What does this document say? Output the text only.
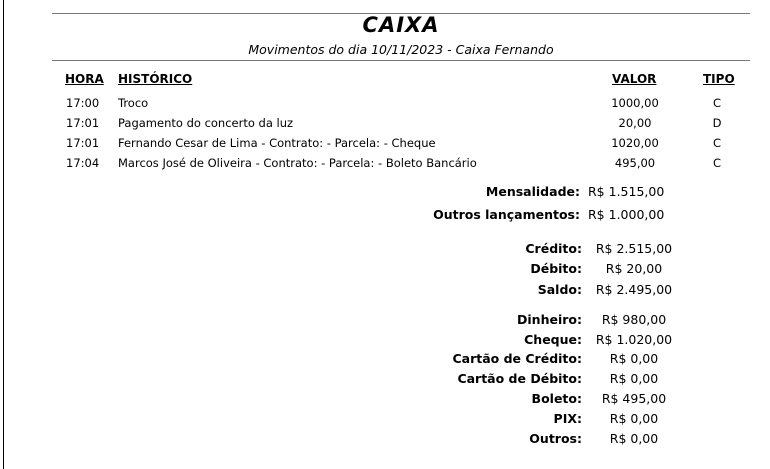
CAIXA
Movimentos do dia 10/11/2023 - Caixa Fernando
HORA HISTÓRICO	VALOR	TIPO
17:00 Troco	1000,00	C
17:01 Pagamento do concerto da luz	20,00	D
17:01 Fernando Cesar de Lima - Contrato: - Parcela: - Cheque	1020,00	C
17:04 Marcos José de Oliveira - Contrato: - Parcela: - Boleto Bancário	495,00	C
Mensalidade: R$ 1.515,00
Outros lançamentos: R$ 1.000,00
Crédito: R$ 2.515,00
Débito:	R$ 20,00
Saldo: R$ 2.495,00
Dinheiro:	R$ 980,00
Cheque: R$ 1.020,00
Cartão de Crédito:	R$ 0,00
Cartão de Débito:	R$ 0,00
Boleto:	R$ 495,00
PIX:	R$ 0,00
Outros:	R$ 0,00
